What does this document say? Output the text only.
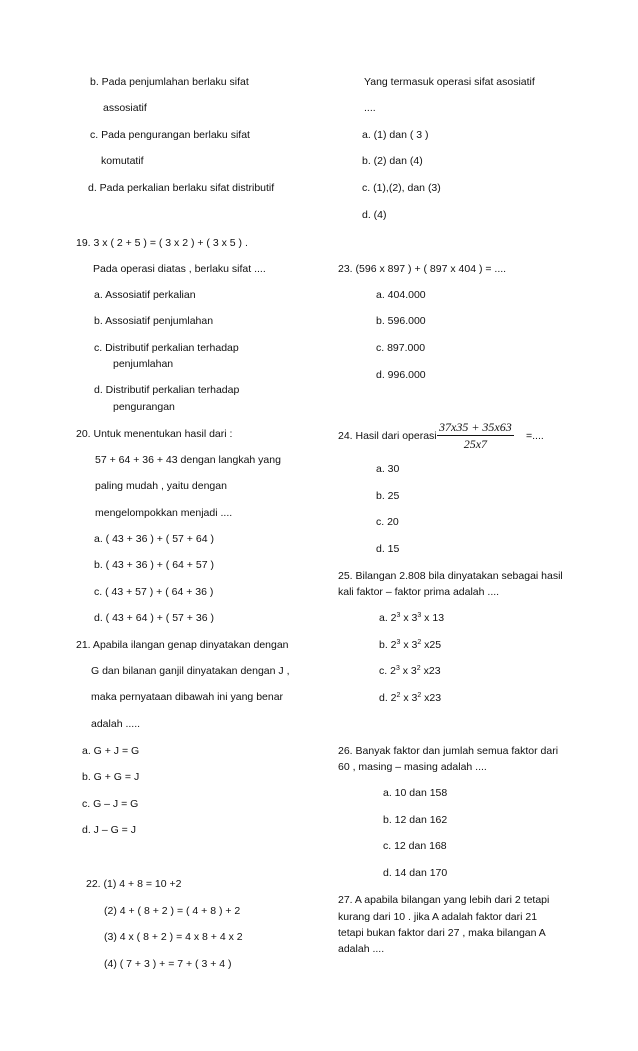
b. Pada penjumlahan berlaku sifat
assosiatif
c. Pada pengurangan berlaku sifat
komutatif
d. Pada perkalian berlaku sifat distributif
19. 3 x ( 2 + 5 ) = ( 3 x 2 ) + ( 3 x 5 ) .
Pada operasi diatas , berlaku sifat ....
a. Assosiatif perkalian
b. Assosiatif penjumlahan
c. Distributif perkalian terhadap
penjumlahan
d. Distributif perkalian terhadap
pengurangan
20. Untuk menentukan hasil dari :
57 + 64 + 36 + 43 dengan langkah yang
paling mudah , yaitu dengan
mengelompokkan menjadi ....
a. ( 43 + 36 ) + ( 57 + 64 )
b. ( 43 + 36 ) + ( 64 + 57 )
c. ( 43 + 57 ) + ( 64 + 36 )
d. ( 43 + 64 ) + ( 57 + 36 )
21. Apabila ilangan genap dinyatakan dengan
G dan bilanan ganjil dinyatakan dengan J ,
maka pernyataan dibawah ini yang benar
adalah .....
a. G + J = G
b. G + G = J
c. G – J = G
d. J – G = J
22. (1) 4 + 8 = 10 +2
(2) 4 + ( 8 + 2 ) = ( 4 + 8 ) + 2
(3) 4 x ( 8 + 2 ) = 4 x 8 + 4 x 2
(4) ( 7 + 3 ) + = 7 + ( 3 + 4 )
Yang termasuk operasi sifat asosiatif
....
a. (1) dan ( 3 )
b. (2) dan (4)
c. (1),(2), dan (3)
d. (4)
23. (596 x 897 ) + ( 897 x 404 ) = ....
a. 404.000
b. 596.000
c. 897.000
d. 996.000
24. Hasil dari operasi $\frac{37x35 + 35x63}{25x7}$ =....
a. 30
b. 25
c. 20
d. 15
25. Bilangan 2.808 bila dinyatakan sebagai hasil
kali faktor – faktor prima adalah ....
a. $2^3$ x $3^3$ x 13
b. $2^3$ x $3^2$ x25
c. $2^3$ x $3^2$ x23
d. $2^2$ x $3^2$ x23
26. Banyak faktor dan jumlah semua faktor dari
60 , masing – masing adalah ....
a. 10 dan 158
b. 12 dan 162
c. 12 dan 168
d. 14 dan 170
27. A apabila bilangan yang lebih dari 2 tetapi
kurang dari 10 . jika A adalah faktor dari 21
tetapi bukan faktor dari 27 , maka bilangan A
adalah ....
